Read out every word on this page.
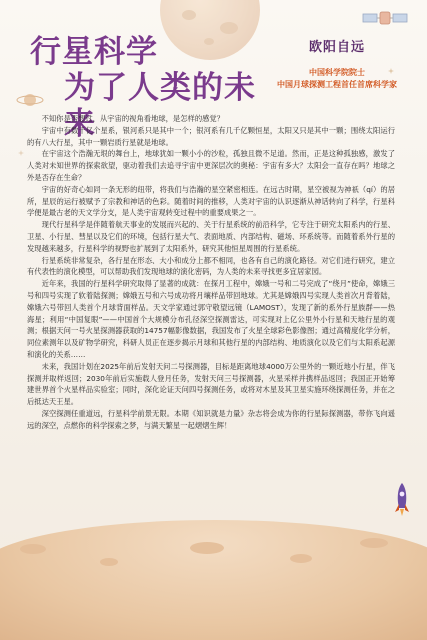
行星科学
为了人类的未来

欧阳自远

中国科学院院士

中国月球探测工程首任首席科学家

不知你是否想过，从宇宙的视角看地球，是怎样的感觉？

宇宙中有数千亿个星系，银河系只是其中一个；银河系有几千亿颗恒星，太阳又只是其中一颗；围绕太阳运行的有八大行星，其中一颗岩质行星就是地球。

在宇宙这个浩瀚无垠的舞台上，地球犹如一颗小小的沙粒，孤独且微不足道。然而，正是这种孤独感，激发了人类对未知世界的探索欲望，驱动着我们去追寻宇宙中更深层次的奥秘：宇宙有多大？太阳会一直存在吗？地球之外是否存在生命？

宇宙的好奇心如同一条无形的纽带，将我们与浩瀚的星空紧密相连。在远古时期，星空被视为神祇（qí）的居所，星辰的运行被赋予了宗教和神话的色彩。随着时间的推移，人类对宇宙的认识逐渐从神话转向了科学，行星科学便是最古老的天文学分支，是人类宇宙观转变过程中的重要成果之一。

现代行星科学是伴随着航天事业的发展而兴起的、关于行星系统的前沿科学，它专注于研究太阳系内的行星、卫星、小行星、彗星以及它们的环境，包括行星大气、表面地质、内部结构、磁场、环系统等。而随着系外行星的发现越来越多，行星科学的视野也扩展到了太阳系外，研究其他恒星周围的行星系统。

行星系统非常复杂，各行星在形态、大小和成分上都不相同，也各有自己的演化路径。对它们进行研究，建立有代表性的演化模型，可以帮助我们发现地球的演化密码，为人类的未来寻找更多宜居家园。

近年来，我国的行星科学研究取得了显著的成就：在探月工程中，嫦娥一号和二号完成了“绕月”使命，嫦娥三号和四号实现了软着陆探测；嫦娥五号和六号成功将月壤样品带回地球。尤其是嫦娥四号实现人类首次月背着陆，嫦娥六号带回人类首个月球背面样品。天文学家通过郭守敬望远镜（LAMOST），发现了新的系外行星族群——热海星；利用“中国复眼”——中国首个大规模分布孔径深空探测雷达，可实现对上亿公里外小行星和天地行星的观测；根据天问一号火星探测器获取的14757幅影像数据，我国发布了火星全球彩色影像图；通过高精度化学分析，同位素测年以及矿物学研究，科研人员正在逐步揭示月球和其他行星的内部结构、地质演化以及它们与太阳系起源和演化的关系……

未来，我国计划在2025年前后发射天问二号探测器，目标是距离地球4000万公里外的一颗近地小行星，伴飞探测并取样返回；2030年前后实施载人登月任务，发射天问三号探测器，火星采样并携样品返回；我国正开始筹建世界首个火星样品实验室；同时，深化论证天问四号探测任务，或将对木星及其卫星实施环绕探测任务，并在之后抵达天王星。

深空探测任重道远，行星科学前景无限。本期《知识就是力量》杂志将会成为你的行星际探测器，带你飞向遥远的深空，点燃你的科学探索之梦，与满天繁星一起熠熠生辉！
